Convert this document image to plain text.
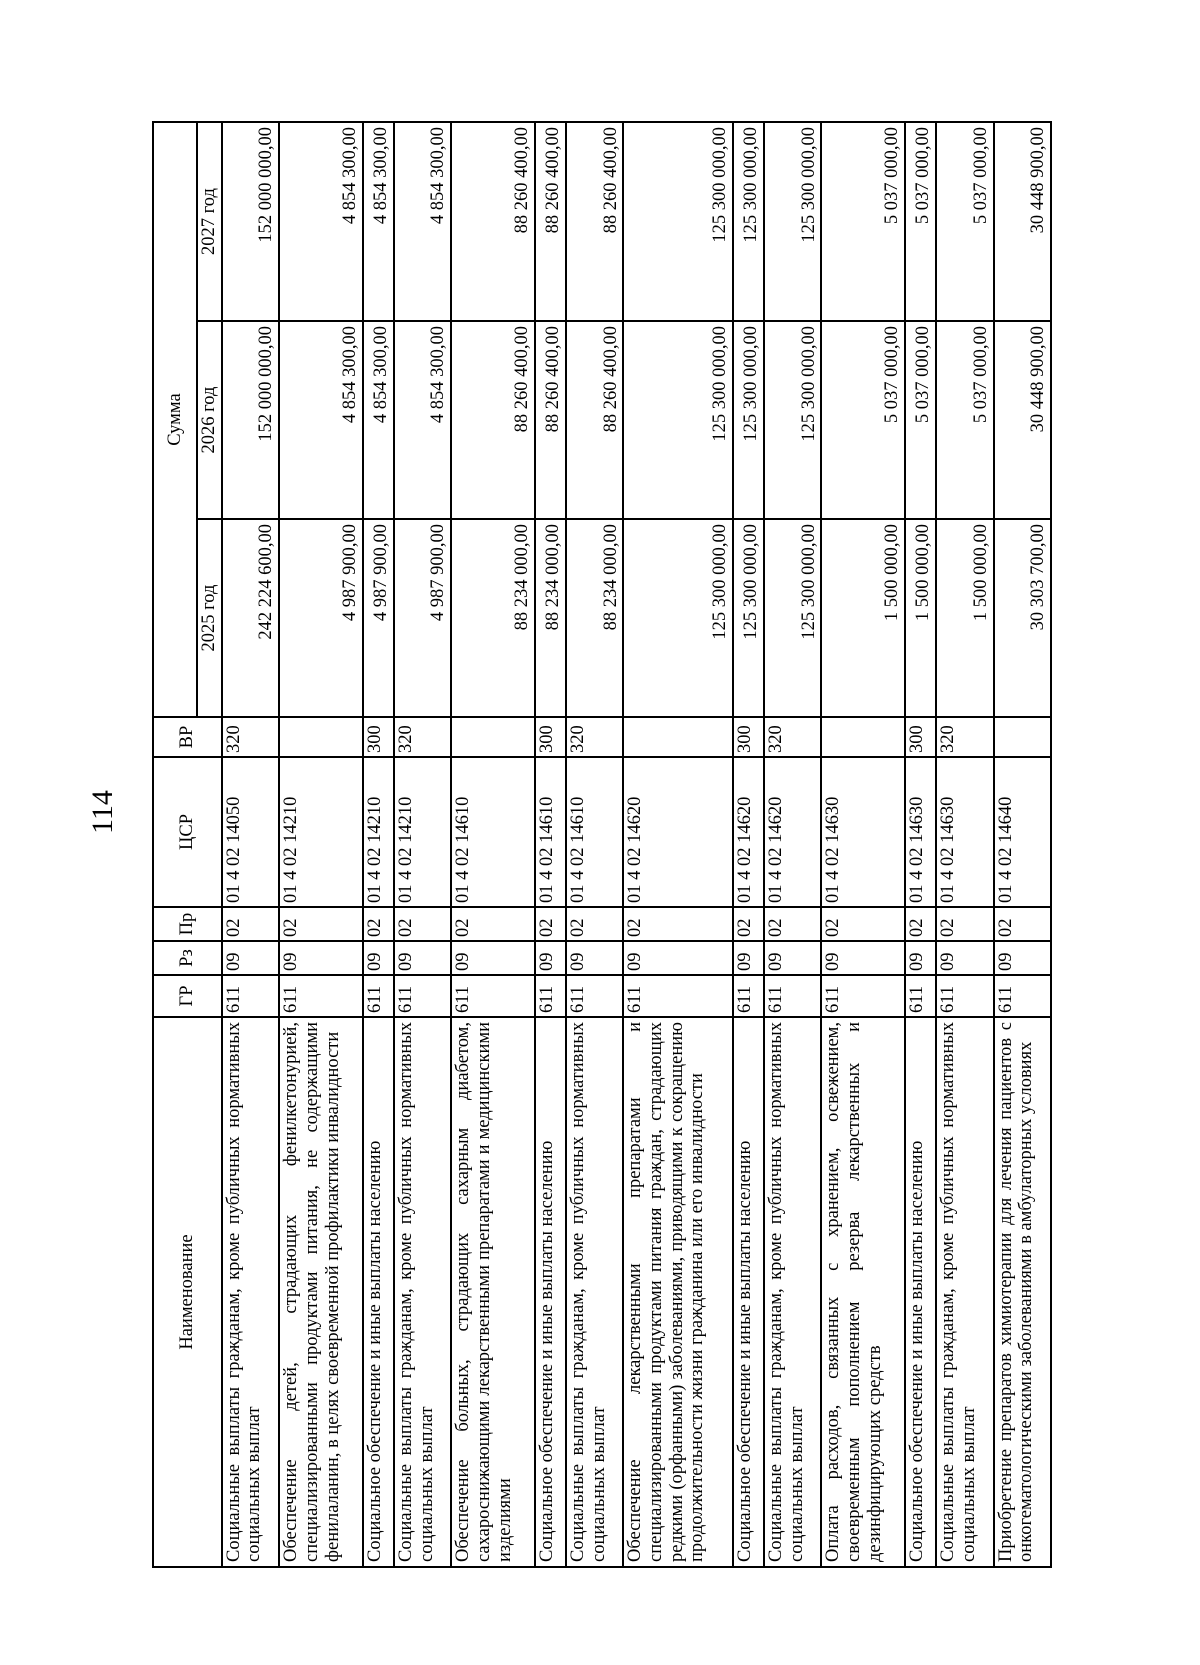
114
Наименование	ГР	Рз	Пр	ЦСР	ВР	Сумма		
						2025 год	2026 год	2027 год
Социальные выплаты гражданам, кроме публичных нормативных социальных выплат	611	09	02	01 4 02 14050	320	242 224 600,00	152 000 000,00	152 000 000,00
Обеспечение детей, страдающих фенилкетонурией, специализированными продуктами питания, не содержащими фенилаланин, в целях своевременной профилактики инвалидности	611	09	02	01 4 02 14210		4 987 900,00	4 854 300,00	4 854 300,00
Социальное обеспечение и иные выплаты населению	611	09	02	01 4 02 14210	300	4 987 900,00	4 854 300,00	4 854 300,00
Социальные выплаты гражданам, кроме публичных нормативных социальных выплат	611	09	02	01 4 02 14210	320	4 987 900,00	4 854 300,00	4 854 300,00
Обеспечение больных, страдающих сахарным диабетом, сахароснижающими лекарственными препаратами и медицинскими изделиями	611	09	02	01 4 02 14610		88 234 000,00	88 260 400,00	88 260 400,00
Социальное обеспечение и иные выплаты населению	611	09	02	01 4 02 14610	300	88 234 000,00	88 260 400,00	88 260 400,00
Социальные выплаты гражданам, кроме публичных нормативных социальных выплат	611	09	02	01 4 02 14610	320	88 234 000,00	88 260 400,00	88 260 400,00
Обеспечение лекарственными препаратами и специализированными продуктами питания граждан, страдающих редкими (орфанными) заболеваниями, приводящими к сокращению продолжительности жизни гражданина или его инвалидности	611	09	02	01 4 02 14620		125 300 000,00	125 300 000,00	125 300 000,00
Социальное обеспечение и иные выплаты населению	611	09	02	01 4 02 14620	300	125 300 000,00	125 300 000,00	125 300 000,00
Социальные выплаты гражданам, кроме публичных нормативных социальных выплат	611	09	02	01 4 02 14620	320	125 300 000,00	125 300 000,00	125 300 000,00
Оплата расходов, связанных с хранением, освежением, своевременным пополнением резерва лекарственных и дезинфицирующих средств	611	09	02	01 4 02 14630		1 500 000,00	5 037 000,00	5 037 000,00
Социальное обеспечение и иные выплаты населению	611	09	02	01 4 02 14630	300	1 500 000,00	5 037 000,00	5 037 000,00
Социальные выплаты гражданам, кроме публичных нормативных социальных выплат	611	09	02	01 4 02 14630	320	1 500 000,00	5 037 000,00	5 037 000,00
Приобретение препаратов химиотерапии для лечения пациентов с онкогематологическими заболеваниями в амбулаторных условиях	611	09	02	01 4 02 14640		30 303 700,00	30 448 900,00	30 448 900,00
